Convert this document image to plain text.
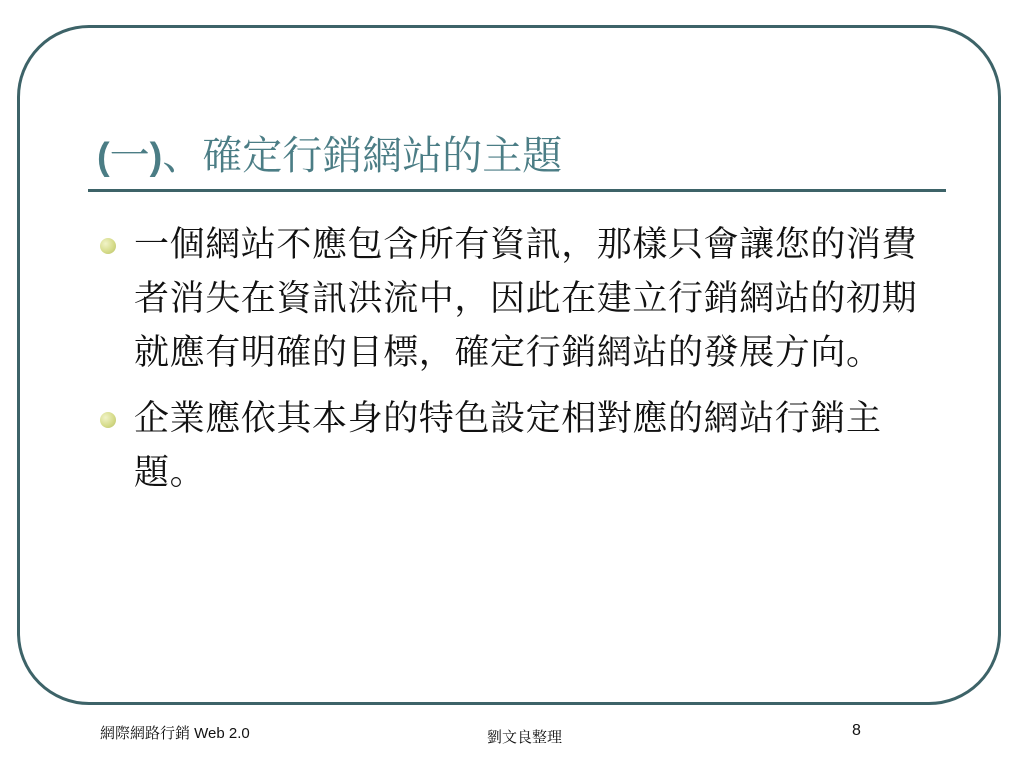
(一)、確定行銷網站的主題
一個網站不應包含所有資訊，那樣只會讓您的消費者消失在資訊洪流中，因此在建立行銷網站的初期就應有明確的目標，確定行銷網站的發展方向。
企業應依其本身的特色設定相對應的網站行銷主題。
網際網路行銷 Web 2.0	劉文良整理	8
